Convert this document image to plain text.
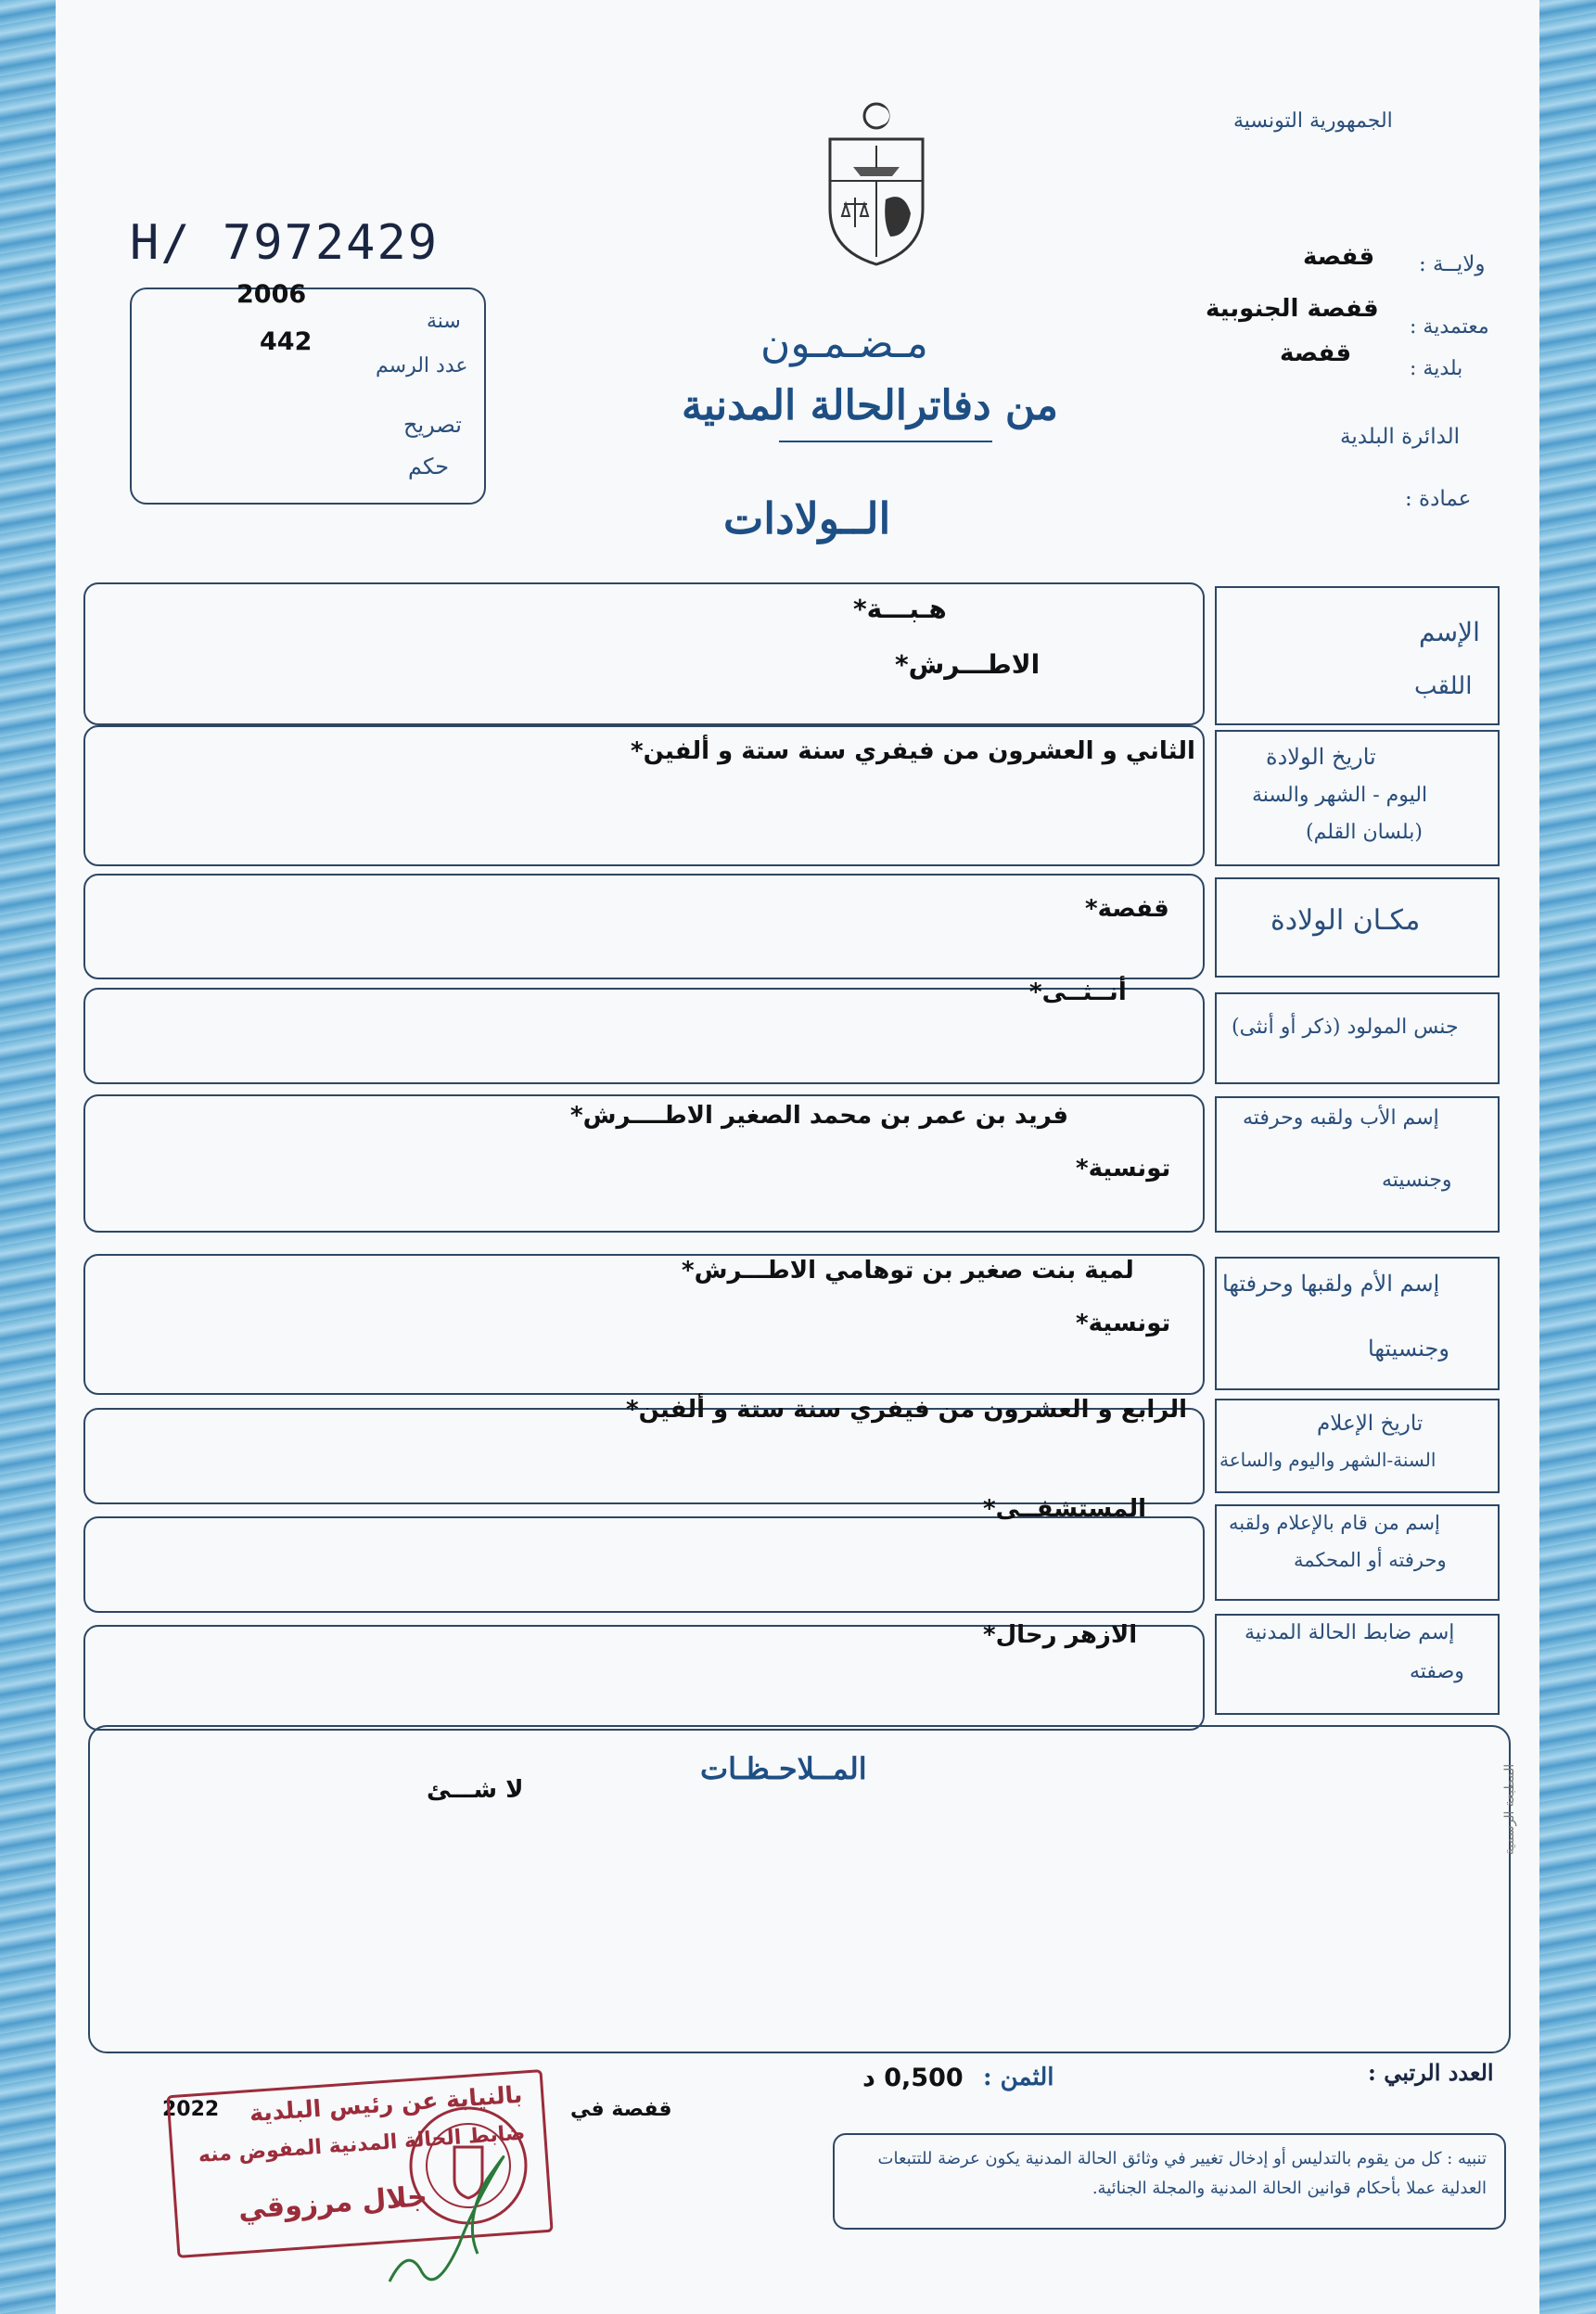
الجمهورية التونسية
H/ 7972429
2006
سنة
442
عدد الرسم
تصريح
حكم
ولايــة :
قفصة
معتمدية :
قفصة الجنوبية
بلدية :
قفصة
الدائرة البلدية
عمادة :
مـضـمـون
من دفاترالحالة المدنية
الــولادات
الإسم
اللقب
هـبـــة*
الاطـــرش*
تاريخ الولادة
اليوم - الشهر والسنة
(بلسان القلم)
الثاني و العشرون من فيفري سنة ستة و ألفين*
مكـان الولادة
قفصة*
جنس المولود (ذكر أو أنثى)
أنــثــى*
إسم الأب ولقبه وحرفته
وجنسيته
فريد بن عمر بن محمد الصغير الاطــــرش*
تونسية*
إسم الأم ولقبها وحرفتها
وجنسيتها
لمية بنت صغير بن توهامي الاطـــرش*
تونسية*
تاريخ الإعلام
السنة-الشهر واليوم والساعة
الرابع و العشرون من فيفري سنة ستة و ألفين*
إسم من قام بالإعلام ولقبه
وحرفته أو المحكمة
المستشفــى*
إسم ضابط الحالة المدنية
وصفته
الازهر رحال*
المــلاحـظـات
لا شـــئ	المطبعة الرسمية
العدد الرتبي :
الثمن :
0,500 د
قفصة في
2022 بالنيابة عن رئيس البلدية
ضابط الحالة المدنية المفوض منه
جلال مرزوقي
تنبيه : كل من يقوم بالتدليس أو إدخال تغيير في وثائق الحالة المدنية يكون عرضة للتتبعات العدلية عملا بأحكام قوانين الحالة المدنية والمجلة الجنائية.
